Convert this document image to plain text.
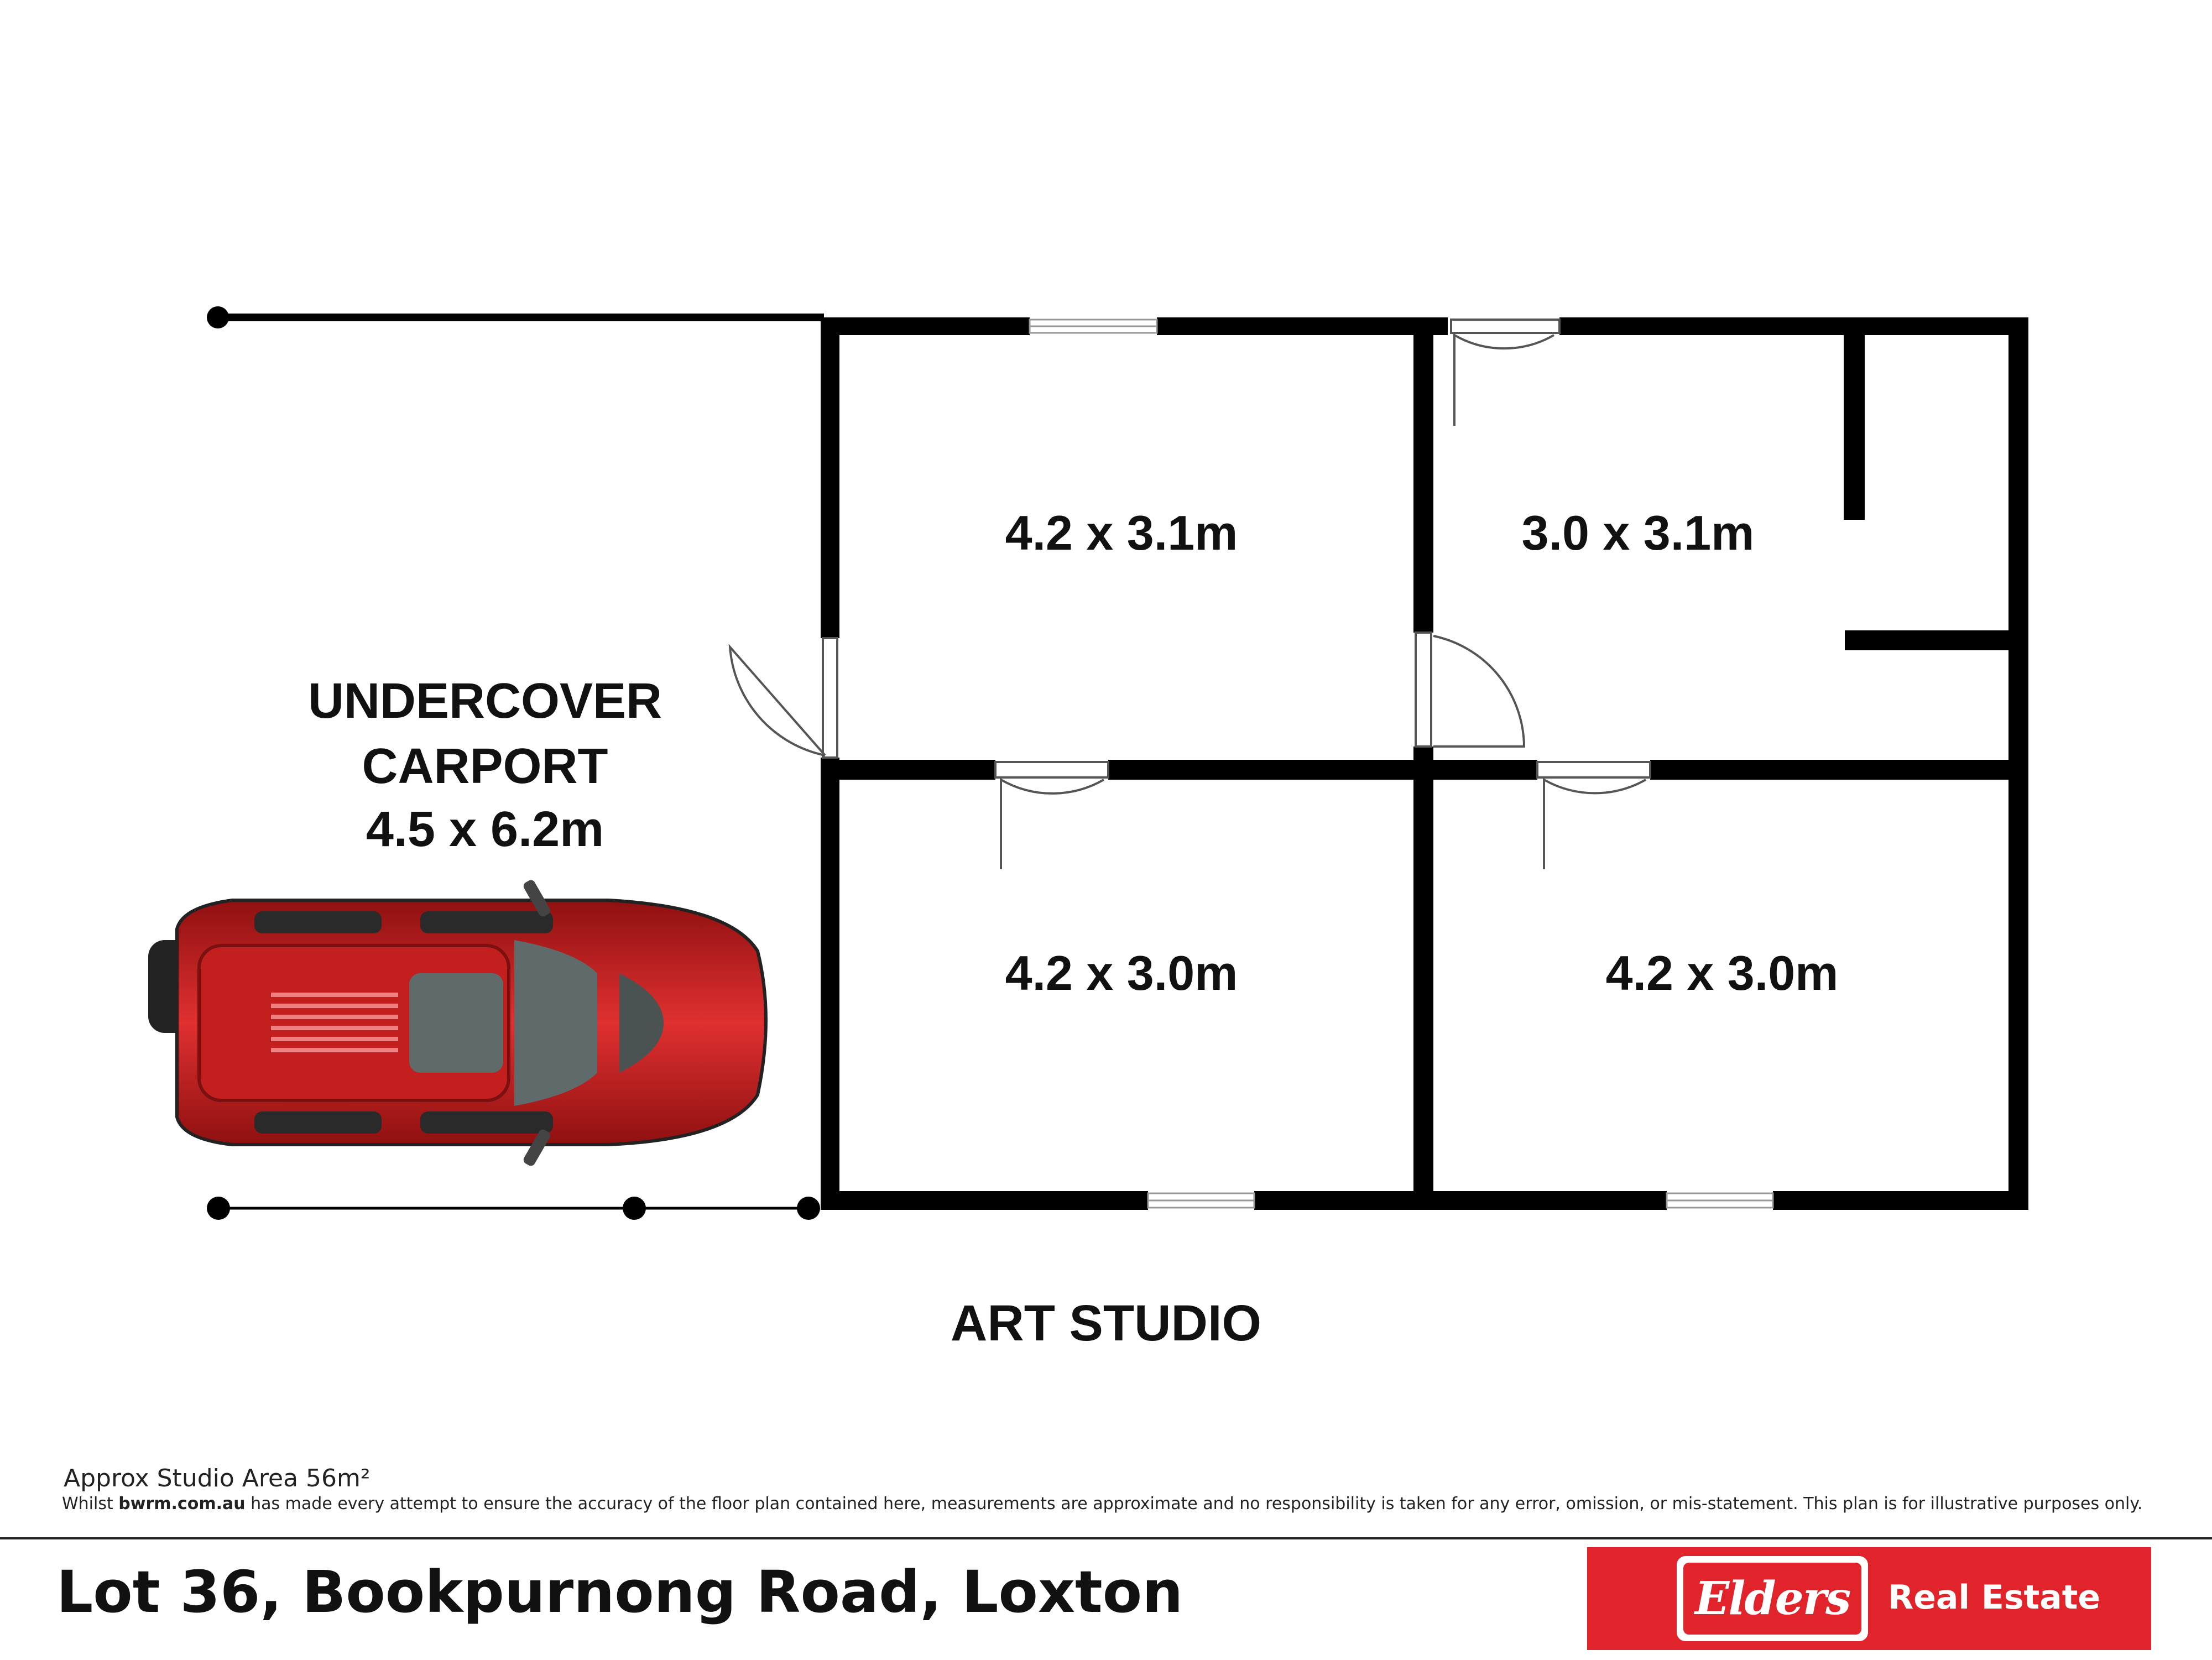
4.2 x 3.1m	3.0 x 3.1m
4.2 x 3.0m	4.2 x 3.0m
UNDERCOVER
CARPORT
4.5 x 6.2m
ART STUDIO
Approx Studio Area 56m²
Whilst bwrm.com.au has made every attempt to ensure the accuracy of the floor plan contained here, measurements are approximate and no responsibility is taken for any error, omission, or mis-statement. This plan is for illustrative purposes only.
Lot 36, Bookpurnong Road, Loxton	Elders Real Estate
